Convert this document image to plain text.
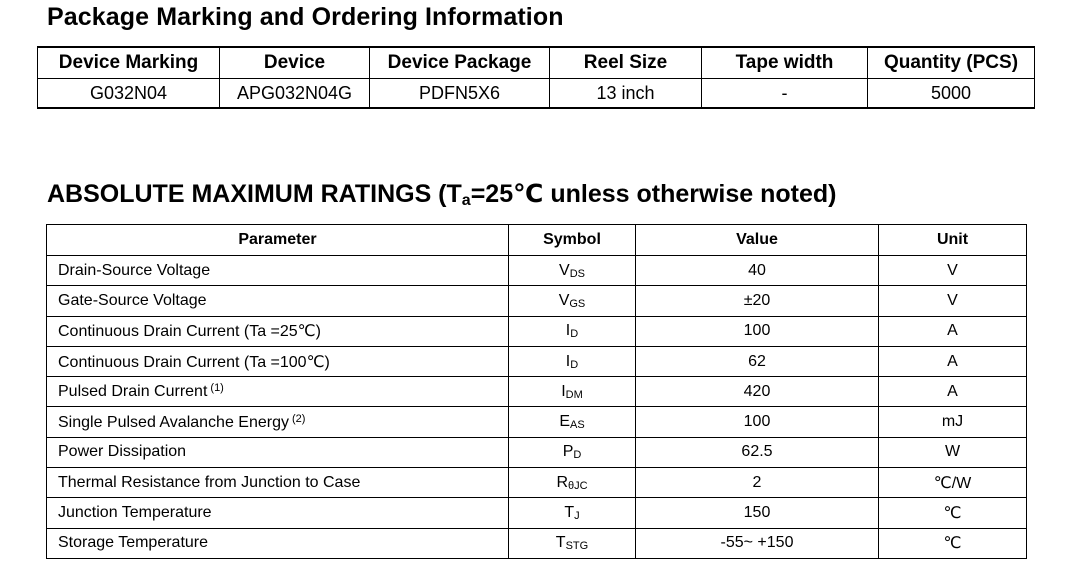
Package Marking and Ordering Information
Device Marking	Device	Device Package	Reel Size	Tape width	Quantity (PCS)
G032N04	APG032N04G	PDFN5X6	13 inch	-	5000
ABSOLUTE MAXIMUM RATINGS ($T_a=25℃$ unless otherwise noted)
Parameter	Symbol	Value	Unit
Drain-Source Voltage	VDS	40	V
Gate-Source Voltage	VGS	±20	V
Continuous Drain Current (Ta =25℃)	ID	100	A
Continuous Drain Current (Ta =100℃)	ID	62	A
Pulsed Drain Current $^{(1)}$	IDM	420	A
Single Pulsed Avalanche Energy $^{(2)}$	EAS	100	mJ
Power Dissipation	PD	62.5	W
Thermal Resistance from Junction to Case	RθJC	2	℃/W
Junction Temperature	TJ	150	℃
Storage Temperature	TSTG	-55~ +150	℃
